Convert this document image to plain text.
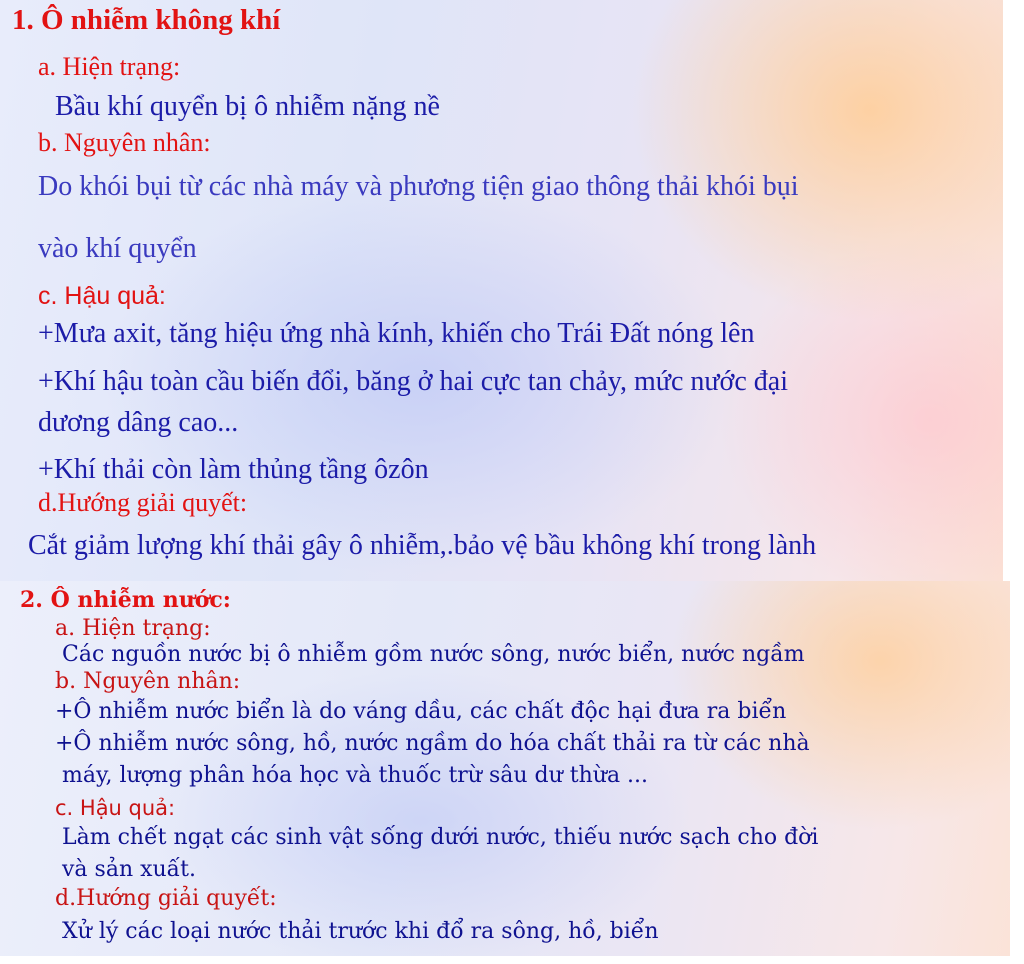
1. Ô nhiễm không khí

a. Hiện trạng:

Bầu khí quyển bị ô nhiễm nặng nề

b. Nguyên nhân:

Do khói bụi từ các nhà máy và phương tiện giao thông thải khói bụi

vào khí quyển

c. Hậu quả:

+Mưa axit, tăng hiệu ứng nhà kính, khiến cho Trái Đất nóng lên

+Khí hậu toàn cầu biến đổi, băng ở hai cực tan chảy, mức nước đại

dương dâng cao...

+Khí thải còn làm thủng tầng ôzôn

d.Hướng giải quyết:

Cắt giảm lượng khí thải gây ô nhiễm,.bảo vệ bầu không khí trong lành

2. Ô nhiễm nước:

a. Hiện trạng:

Các nguồn nước bị ô nhiễm gồm nước sông, nước biển, nước ngầm

b. Nguyên nhân:

+Ô nhiễm nước biển là do váng dầu, các chất độc hại đưa ra biển

+Ô nhiễm nước sông, hồ, nước ngầm do hóa chất thải ra từ các nhà

máy, lượng phân hóa học và thuốc trừ sâu dư thừa ...

c. Hậu quả:

Làm chết ngạt các sinh vật sống dưới nước, thiếu nước sạch cho đời

và sản xuất.

d.Hướng giải quyết:

Xử lý các loại nước thải trước khi đổ ra sông, hồ, biển
